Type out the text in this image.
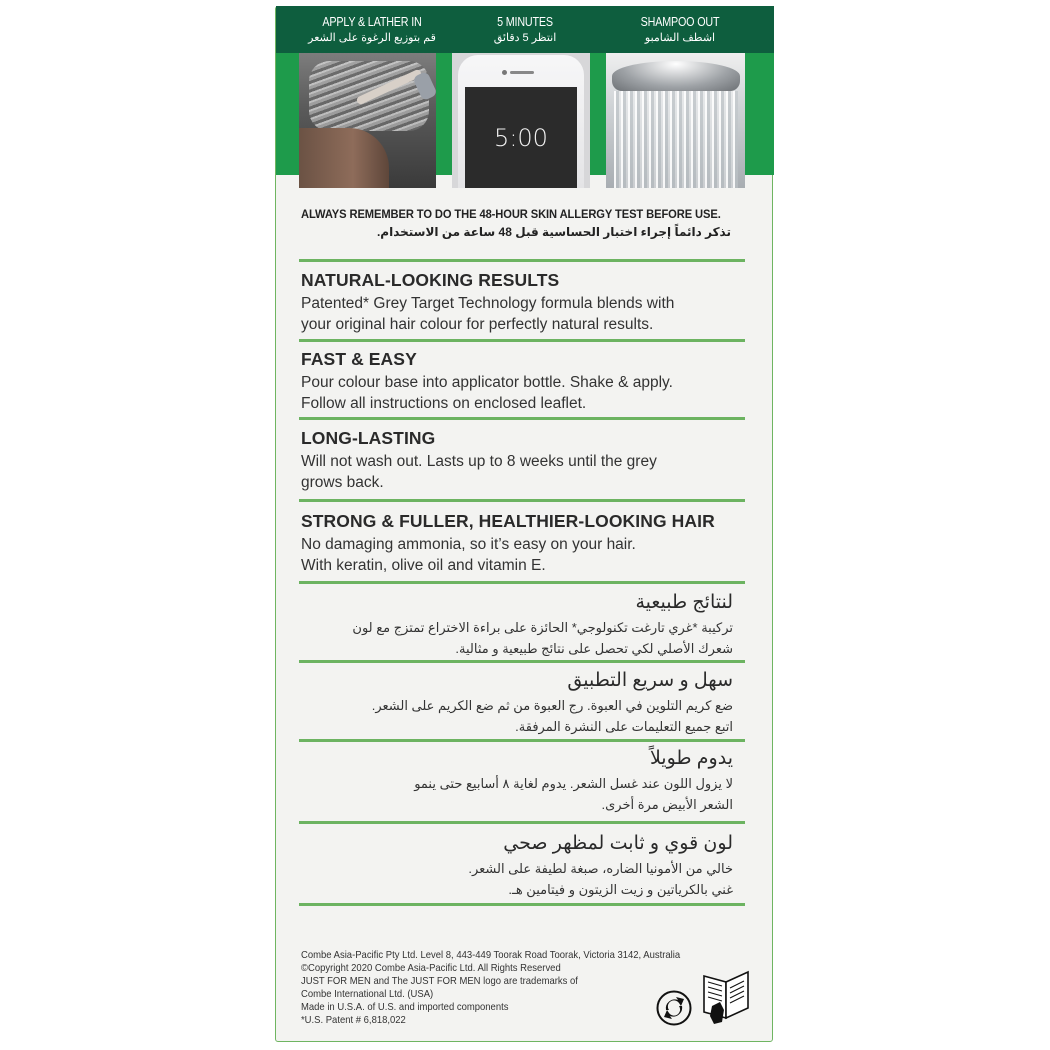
APPLY & LATHER IN
قم بتوزيع الرغوة على الشعر
5 MINUTES
انتظر 5 دقائق
SHAMPOO OUT
اشطف الشامبو
5:00
ALWAYS REMEMBER TO DO THE 48-HOUR SKIN ALLERGY TEST BEFORE USE.
تذكر دائماً إجراء اختبار الحساسية قبل 48 ساعة من الاستخدام.
NATURAL-LOOKING RESULTS
Patented* Grey Target Technology formula blends with
your original hair colour for perfectly natural results.
FAST & EASY
Pour colour base into applicator bottle. Shake & apply.
Follow all instructions on enclosed leaflet.
LONG-LASTING
Will not wash out. Lasts up to 8 weeks until the grey
grows back.
STRONG & FULLER, HEALTHIER-LOOKING HAIR
No damaging ammonia, so it’s easy on your hair.
With keratin, olive oil and vitamin E.
لنتائج طبيعية
تركيبة *غري تارغت تكنولوجي* الحائزة على براءة الاختراع تمتزج مع لون
شعرك الأصلي لكي تحصل على نتائج طبيعية و مثالية.
سهل و سريع التطبيق
ضع كريم التلوين في العبوة. رج العبوة من ثم ضع الكريم على الشعر.
اتبع جميع التعليمات على النشرة المرفقة.
يدوم طويلاً
لا يزول اللون عند غسل الشعر. يدوم لغاية ٨ أسابيع حتى ينمو
الشعر الأبيض مرة أخرى.
لون قوي و ثابت لمظهر صحي
خالي من الأمونيا الضاره، صبغة لطيفة على الشعر.
غني بالكرياتين و زيت الزيتون و فيتامين هـ.
Combe Asia-Pacific Pty Ltd. Level 8, 443-449 Toorak Road Toorak, Victoria 3142, Australia
©Copyright 2020 Combe Asia-Pacific Ltd. All Rights Reserved
JUST FOR MEN and The JUST FOR MEN logo are trademarks of
Combe International Ltd. (USA)
Made in U.S.A. of U.S. and imported components
*U.S. Patent # 6,818,022
